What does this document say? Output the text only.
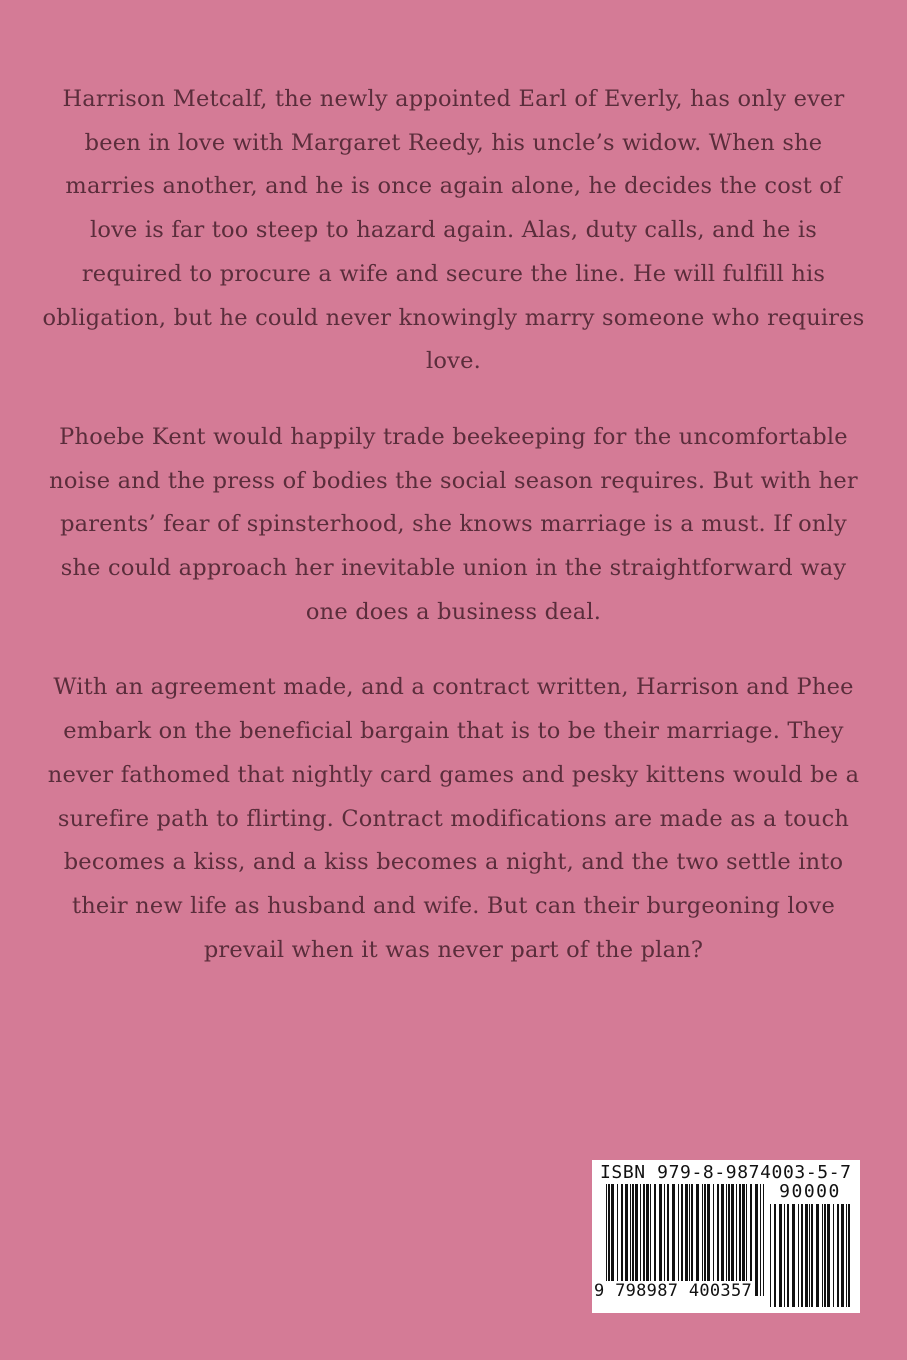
Harrison Metcalf, the newly appointed Earl of Everly, has only ever been in love with Margaret Reedy, his uncle’s widow. When she marries another, and he is once again alone, he decides the cost of love is far too steep to hazard again. Alas, duty calls, and he is required to procure a wife and secure the line. He will fulfill his obligation, but he could never knowingly marry someone who requires love.

Phoebe Kent would happily trade beekeeping for the uncomfortable noise and the press of bodies the social season requires. But with her parents’ fear of spinsterhood, she knows marriage is a must. If only she could approach her inevitable union in the straightforward way one does a business deal.

With an agreement made, and a contract written, Harrison and Phee embark on the beneficial bargain that is to be their marriage. They never fathomed that nightly card games and pesky kittens would be a surefire path to flirting. Contract modifications are made as a touch becomes a kiss, and a kiss becomes a night, and the two settle into their new life as husband and wife. But can their burgeoning love prevail when it was never part of the plan?

ISBN 979-8-9874003-5-7
90000
9 798987 400357
